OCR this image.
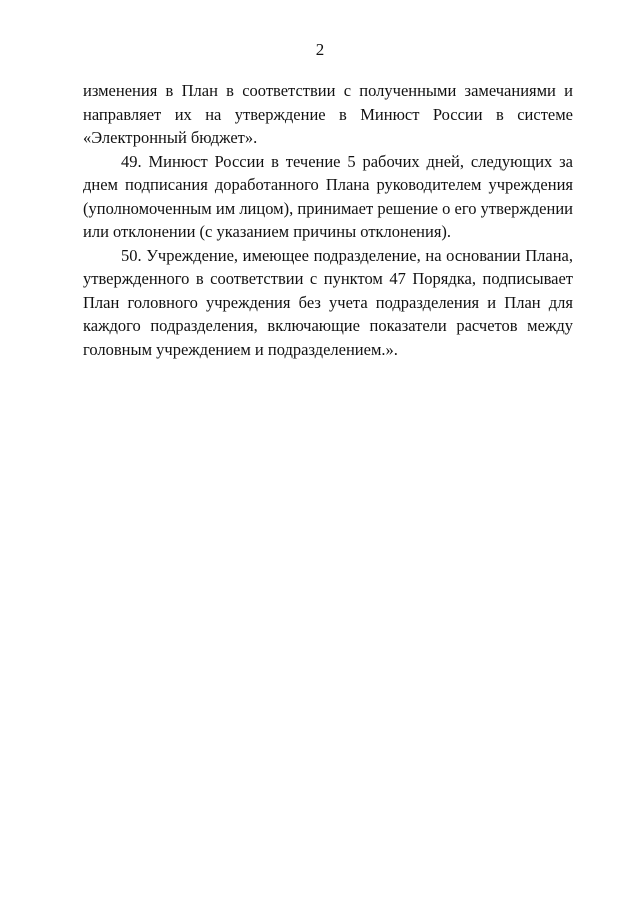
2

изменения в План в соответствии с полученными замечаниями и направляет их на утверждение в Минюст России в системе «Электронный бюджет».

49. Минюст России в течение 5 рабочих дней, следующих за днем подписания доработанного Плана руководителем учреждения (уполномоченным им лицом), принимает решение о его утверждении или отклонении (с указанием причины отклонения).

50. Учреждение, имеющее подразделение, на основании Плана, утвержденного в соответствии с пунктом 47 Порядка, подписывает План головного учреждения без учета подразделения и План для каждого подразделения, включающие показатели расчетов между головным учреждением и подразделением.».
